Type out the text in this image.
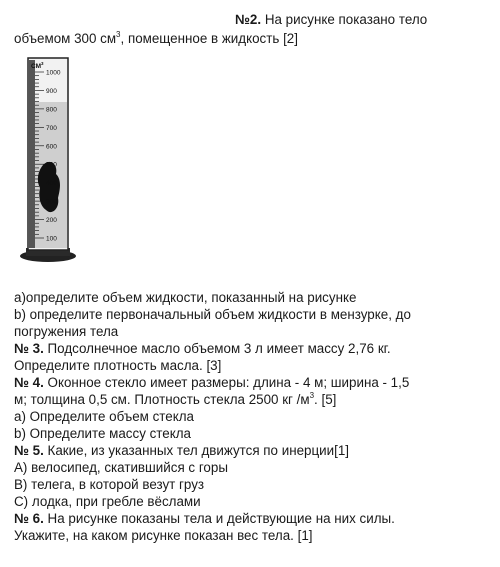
№2. На рисунке показано тело
объемом 300 $см^3$, помещенное в жидкость [2]
$СМ^3$
1000
900
800
700
600
500
400
300
200
100
а)определите объем жидкости, показанный на рисунке
b) определите первоначальный объем жидкости в мензурке, до
погружения тела
№ 3. Подсолнечное масло объемом 3 л имеет массу 2,76 кг.
Определите плотность масла. [3]
№ 4. Оконное стекло имеет размеры: длина - 4 м; ширина - 1,5
м; толщина 0,5 см. Плотность стекла 2500 кг $/м^3$. [5]
a) Определите объем стекла
b) Определите массу стекла
№ 5. Какие, из указанных тел движутся по инерции[1]
A) велосипед, скатившийся с горы
B) телега, в которой везут груз
C) лодка, при гребле вёслами
№ 6. На рисунке показаны тела и действующие на них силы.
Укажите, на каком рисунке показан вес тела. [1]
